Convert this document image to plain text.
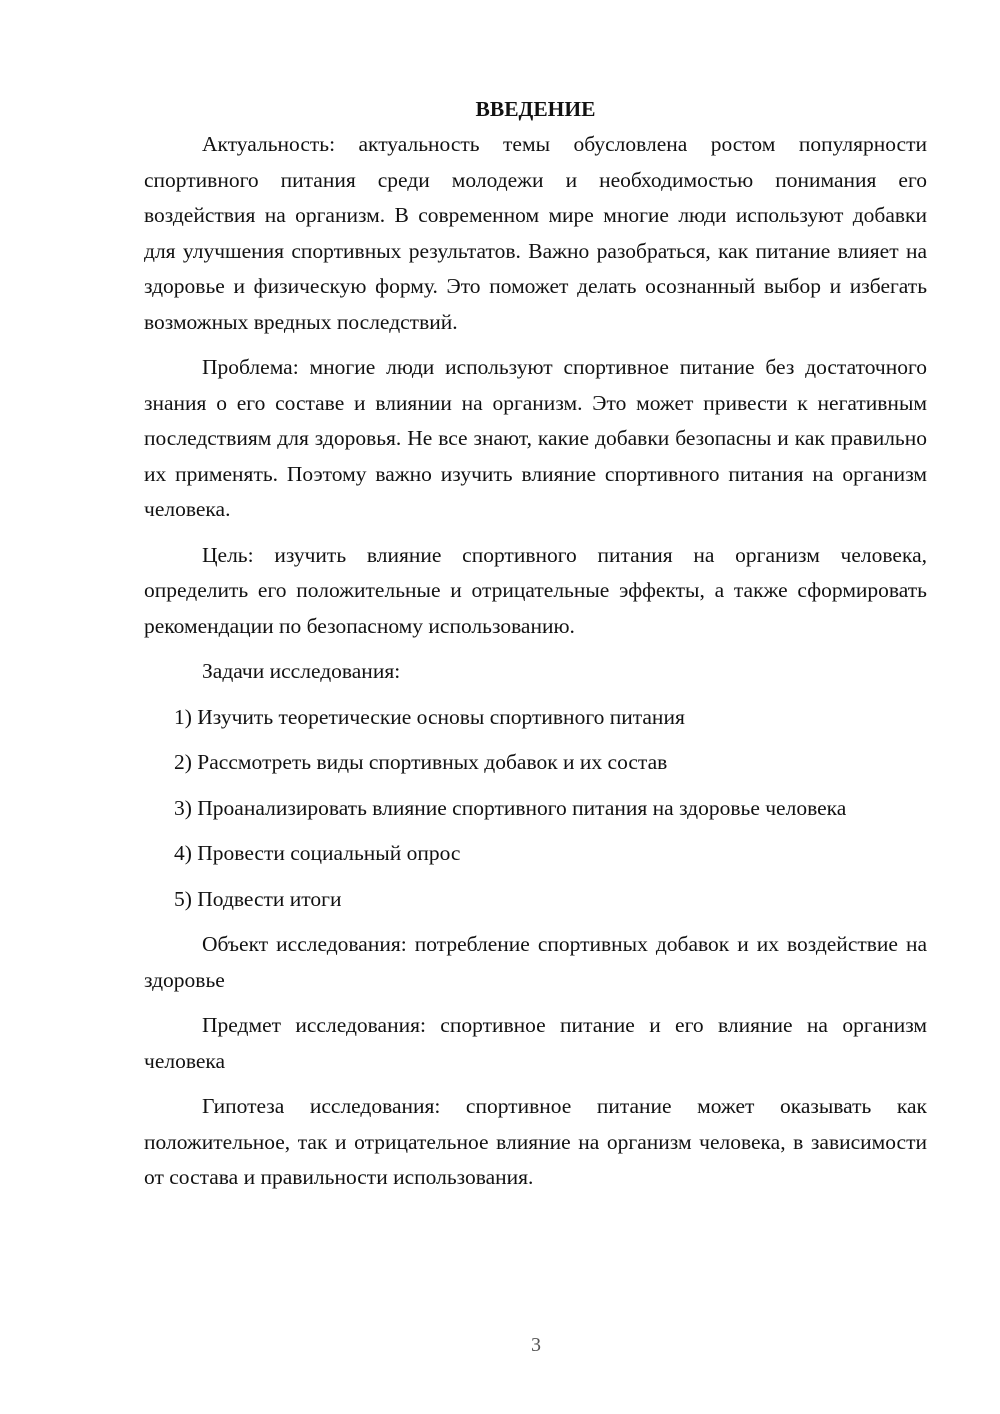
ВВЕДЕНИЕ

Актуальность: актуальность темы обусловлена ростом популярности спортивного питания среди молодежи и необходимостью понимания его воздействия на организм. В современном мире многие люди используют добавки для улучшения спортивных результатов. Важно разобраться, как питание влияет на здоровье и физическую форму. Это поможет делать осознанный выбор и избегать возможных вредных последствий.

Проблема: многие люди используют спортивное питание без достаточного знания о его составе и влиянии на организм. Это может привести к негативным последствиям для здоровья. Не все знают, какие добавки безопасны и как правильно их применять. Поэтому важно изучить влияние спортивного питания на организм человека.

Цель: изучить влияние спортивного питания на организм человека, определить его положительные и отрицательные эффекты, а также сформировать рекомендации по безопасному использованию.

Задачи исследования:

1) Изучить теоретические основы спортивного питания

2) Рассмотреть виды спортивных добавок и их состав

3) Проанализировать влияние спортивного питания на здоровье человека

4) Провести социальный опрос

5) Подвести итоги

Объект исследования: потребление спортивных добавок и их воздействие на здоровье

Предмет исследования: спортивное питание и его влияние на организм человека

Гипотеза исследования: спортивное питание может оказывать как положительное, так и отрицательное влияние на организм человека, в зависимости от состава и правильности использования.

3
